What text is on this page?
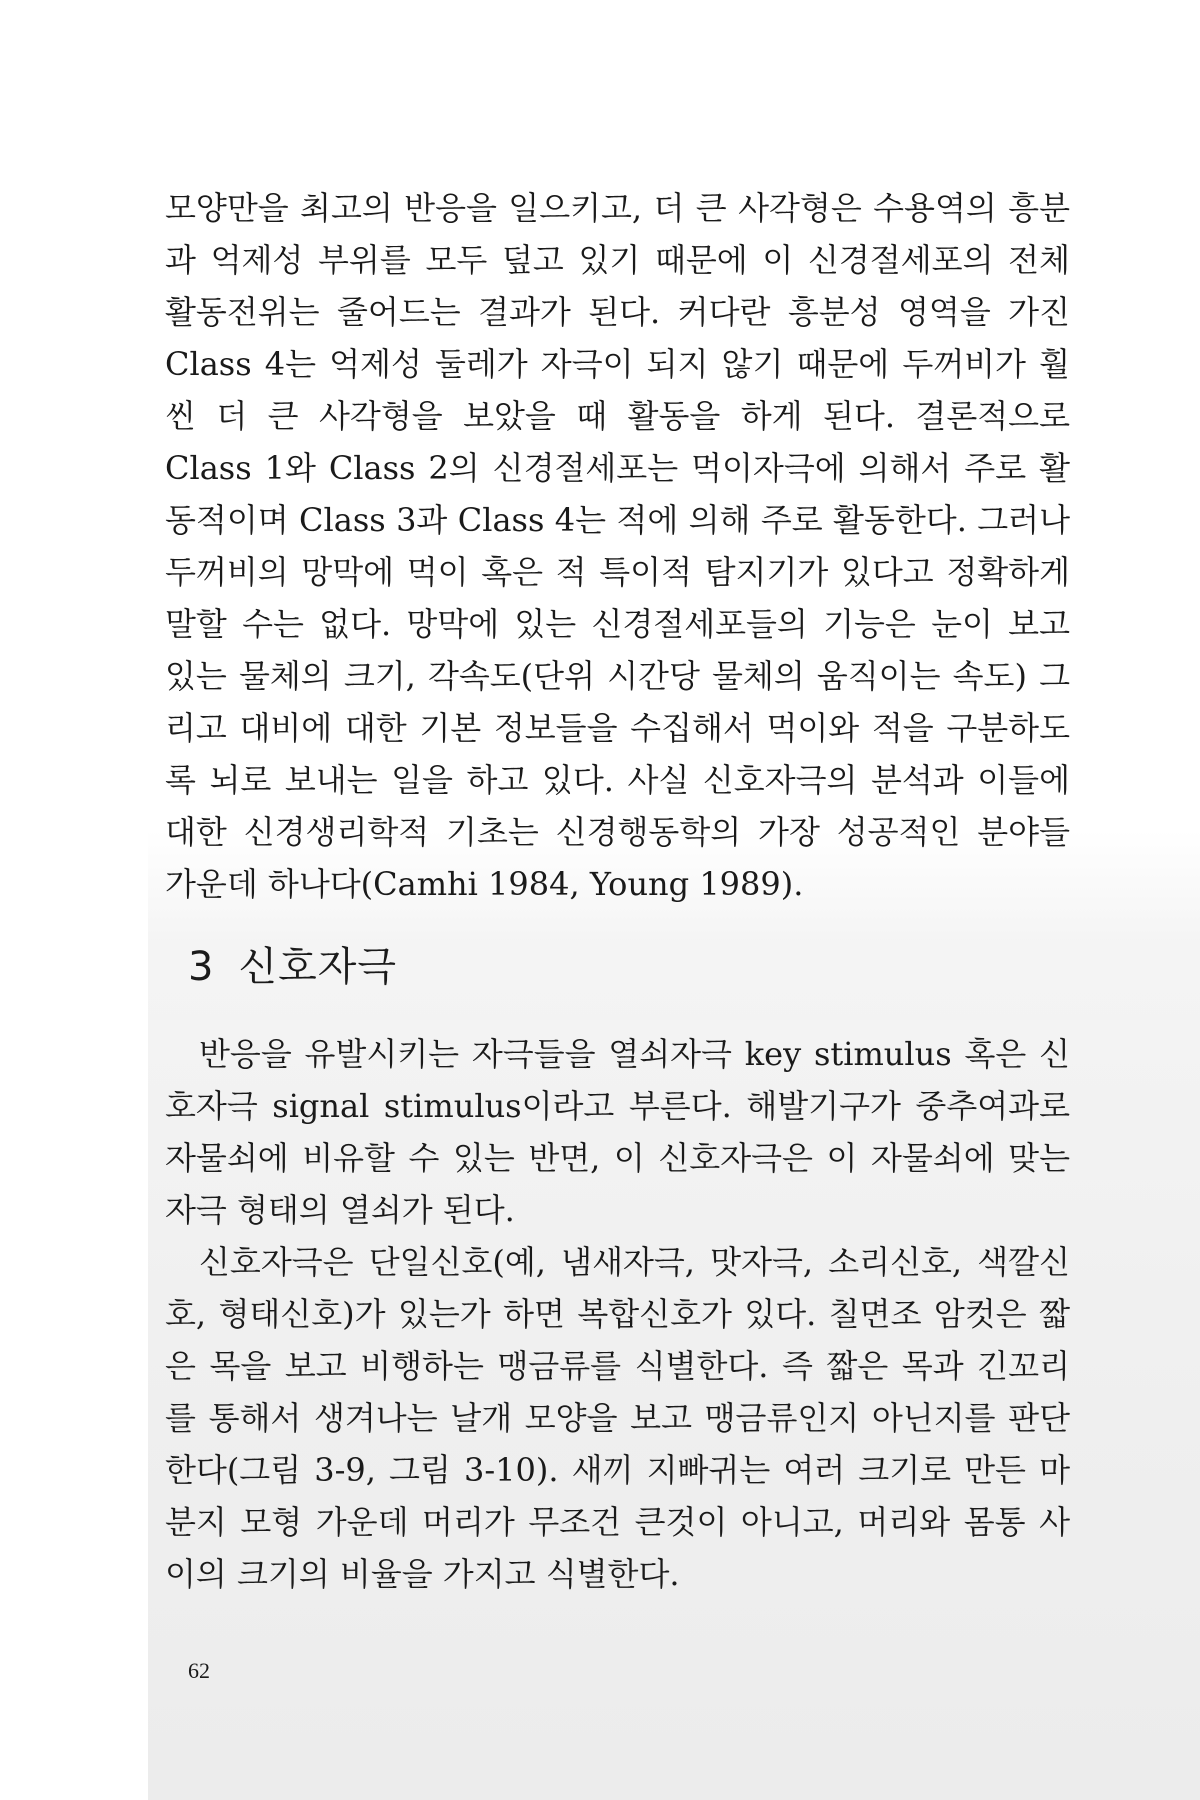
모양만을 최고의 반응을 일으키고, 더 큰 사각형은 수용역의 흥분과 억제성 부위를 모두 덮고 있기 때문에 이 신경절세포의 전체 활동전위는 줄어드는 결과가 된다. 커다란 흥분성 영역을 가진 Class 4는 억제성 둘레가 자극이 되지 않기 때문에 두꺼비가 훨씬 더 큰 사각형을 보았을 때 활동을 하게 된다. 결론적으로 Class 1와 Class 2의 신경절세포는 먹이자극에 의해서 주로 활동적이며 Class 3과 Class 4는 적에 의해 주로 활동한다. 그러나 두꺼비의 망막에 먹이 혹은 적 특이적 탐지기가 있다고 정확하게 말할 수는 없다. 망막에 있는 신경절세포들의 기능은 눈이 보고 있는 물체의 크기, 각속도(단위 시간당 물체의 움직이는 속도) 그리고 대비에 대한 기본 정보들을 수집해서 먹이와 적을 구분하도록 뇌로 보내는 일을 하고 있다. 사실 신호자극의 분석과 이들에 대한 신경생리학적 기초는 신경행동학의 가장 성공적인 분야들 가운데 하나다(Camhi 1984, Young 1989).
3 신호자극

반응을 유발시키는 자극들을 열쇠자극 key stimulus 혹은 신호자극 signal stimulus이라고 부른다. 해발기구가 중추여과로 자물쇠에 비유할 수 있는 반면, 이 신호자극은 이 자물쇠에 맞는 자극 형태의 열쇠가 된다.

신호자극은 단일신호(예, 냄새자극, 맛자극, 소리신호, 색깔신호, 형태신호)가 있는가 하면 복합신호가 있다. 칠면조 암컷은 짧은 목을 보고 비행하는 맹금류를 식별한다. 즉 짧은 목과 긴꼬리를 통해서 생겨나는 날개 모양을 보고 맹금류인지 아닌지를 판단한다(그림 3-9, 그림 3-10). 새끼 지빠귀는 여러 크기로 만든 마분지 모형 가운데 머리가 무조건 큰것이 아니고, 머리와 몸통 사이의 크기의 비율을 가지고 식별한다.

62
